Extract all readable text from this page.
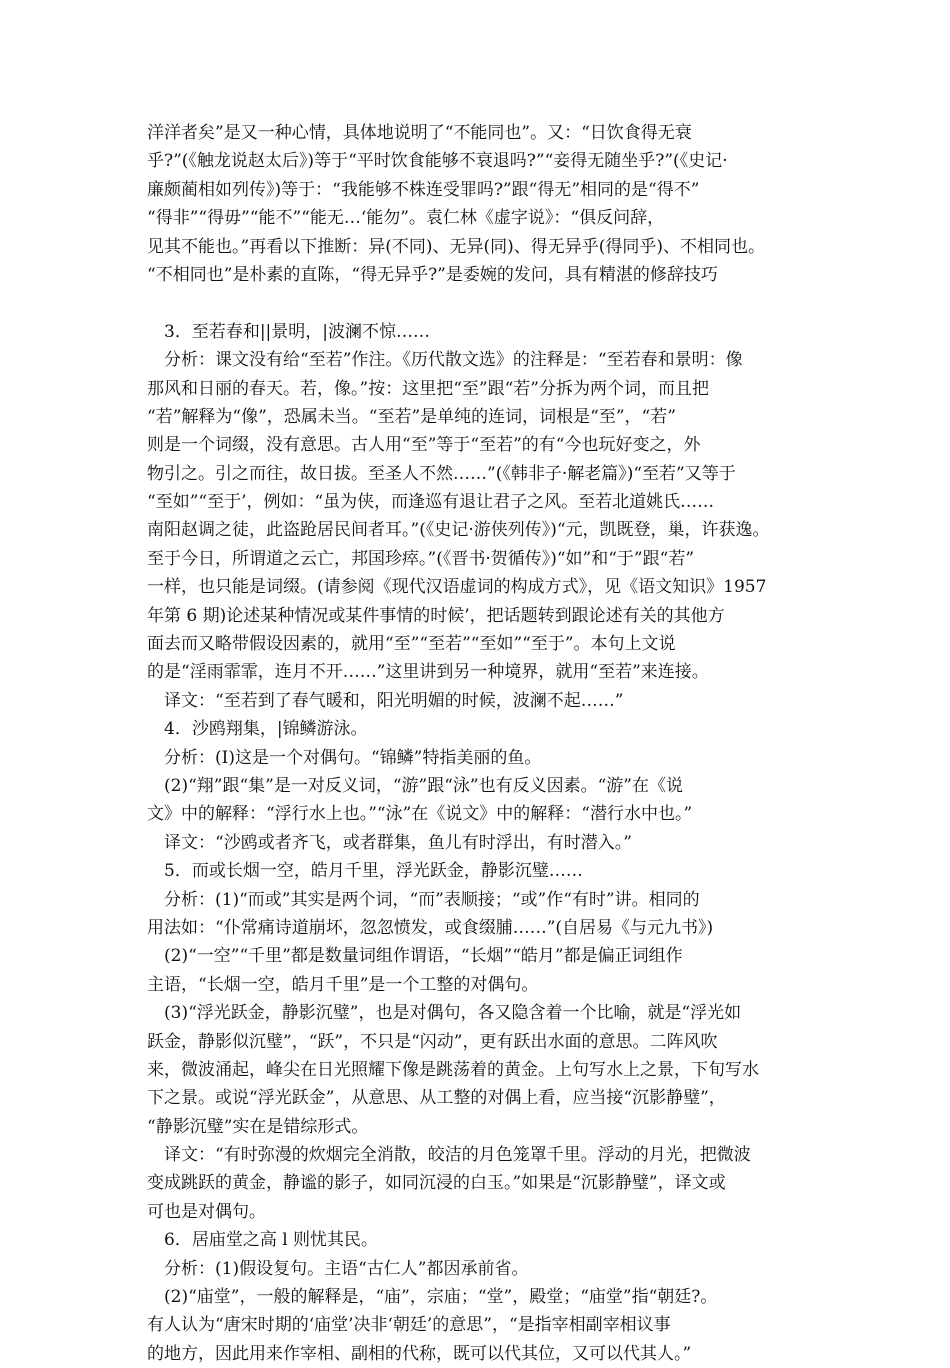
洋洋者矣”是又一种心情，具体地说明了“不能同也”。又：“日饮食得无衰
乎?”(《触龙说赵太后》)等于“平时饮食能够不衰退吗?”“妾得无随坐乎?”(《史记·
廉颇蔺相如列传》)等于：“我能够不株连受罪吗?”跟“得无”相同的是“得不”
“得非”“得毋”“能不”“能无…‘能勿”。袁仁林《虚字说》：“俱反问辞，
见其不能也。”再看以下推断：异(不同)、无异(同)、得无异乎(得同乎)、不相同也。
“不相同也”是朴素的直陈，“得无异乎?”是委婉的发问，具有精湛的修辞技巧
　3．至若春和||景明，|波澜不惊……
　分析：课文没有给“至若”作注。《历代散文选》的注释是：“至若春和景明：像
那风和日丽的春天。若，像。”按：这里把“至”跟“若”分拆为两个词，而且把
“若”解释为“像”，恐属未当。“至若”是单纯的连词，词根是“至”，“若”
则是一个词缀，没有意思。古人用“至”等于“至若”的有“今也玩好变之，外
物引之。引之而往，故日拔。至圣人不然……”(《韩非子·解老篇》)“至若”又等于
“至如”“至于’，例如：“虽为侠，而逢巡有退让君子之风。至若北道姚氏……
南阳赵调之徒，此盗跄居民间者耳。”(《史记·游侠列传》)“元，凯既登，巢，许获逸。
至于今日，所谓道之云亡，邦国珍瘁。”(《晋书·贺循传》)“如”和“于”跟“若”
一样，也只能是词缀。(请参阅《现代汉语虚词的构成方式》，见《语文知识》1957
年第 6 期)论述某种情况或某件事情的时候’，把话题转到跟论述有关的其他方
面去而又略带假设因素的，就用“至”“至若”“至如”“至于”。本句上文说
的是“淫雨霏霏，连月不开……”这里讲到另一种境界，就用“至若”来连接。
　译文：“至若到了春气暖和，阳光明媚的时候，波澜不起……”
　4．沙鸥翔集，|锦鳞游泳。
　分析：(I)这是一个对偶句。“锦鳞”特指美丽的鱼。
　(2)“翔”跟“集”是一对反义词，“游”跟“泳”也有反义因素。“游”在《说
文》中的解释：“浮行水上也。”“泳”在《说文》中的解释：“潜行水中也。”
　译文：“沙鸥或者齐飞，或者群集，鱼儿有时浮出，有时潜入。”
　5．而或长烟一空，皓月千里，浮光跃金，静影沉璧……
　分析：(1)“而或”其实是两个词，“而”表顺接；“或”作“有时”讲。相同的
用法如：“仆常痛诗道崩坏，忽忽愤发，或食缀脯……”(自居易《与元九书》)
　(2)“一空”“千里”都是数量词组作谓语，“长烟”“皓月”都是偏正词组作
主语，“长烟一空，皓月千里”是一个工整的对偶句。
　(3)“浮光跃金，静影沉璧”，也是对偶句，各又隐含着一个比喻，就是“浮光如
跃金，静影似沉璧”，“跃”，不只是“闪动”，更有跃出水面的意思。二阵风吹
来，微波涌起，峰尖在日光照耀下像是跳荡着的黄金。上句写水上之景，下旬写水
下之景。或说“浮光跃金”，从意思、从工整的对偶上看，应当接“沉影静璧”，
“静影沉璧”实在是错综形式。
　译文：“有时弥漫的炊烟完全消散，皎洁的月色笼罩千里。浮动的月光，把微波
变成跳跃的黄金，静谧的影子，如同沉浸的白玉。”如果是“沉影静璧”，译文或
可也是对偶句。
　6．居庙堂之高 l 则忧其民。
　分析：(1)假设复句。主语“古仁人”都因承前省。
　(2)“庙堂”，一般的解释是，“庙”，宗庙；“堂”，殿堂；“庙堂”指“朝廷?。
有人认为“唐宋时期的‘庙堂’决非‘朝廷’的意思”，“是指宰相副宰相议事
的地方，因此用来作宰相、副相的代称，既可以代其位，又可以代其人。”
